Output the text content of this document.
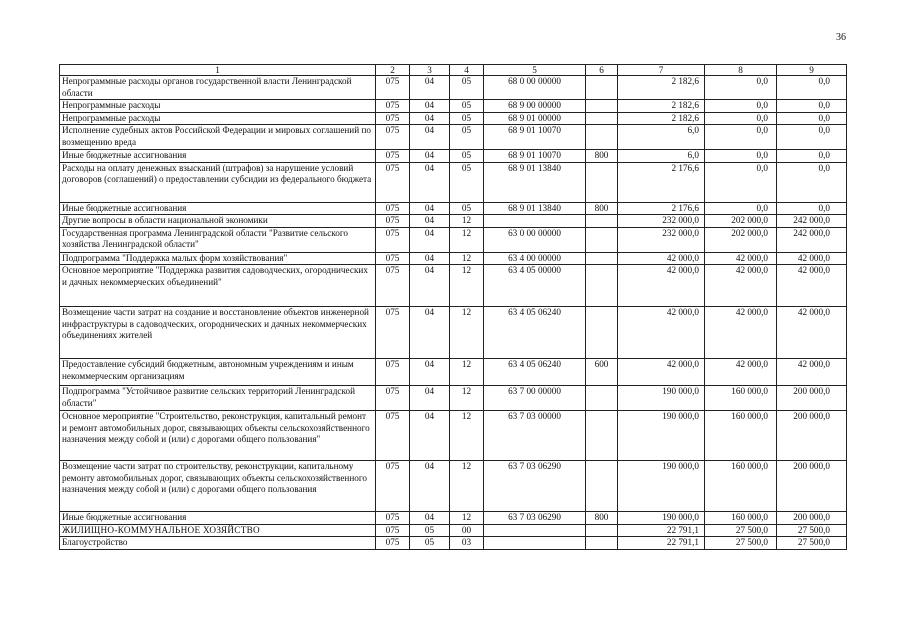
36
1	2	3	4	5	6	7	8	9
Непрограммные расходы органов государственной власти Ленинградской области	075	04	05	68 0 00 00000		2 182,6	0,0	0,0
Непрограммные расходы	075	04	05	68 9 00 00000		2 182,6	0,0	0,0
Непрограммные расходы	075	04	05	68 9 01 00000		2 182,6	0,0	0,0
Исполнение судебных актов Российской Федерации и мировых соглашений по возмещению вреда	075	04	05	68 9 01 10070		6,0	0,0	0,0
Иные бюджетные ассигнования	075	04	05	68 9 01 10070	800	6,0	0,0	0,0
Расходы на оплату денежных взысканий (штрафов) за нарушение условий договоров (соглашений) о предоставлении субсидии из федерального бюджета	075	04	05	68 9 01 13840		2 176,6	0,0	0,0
Иные бюджетные ассигнования	075	04	05	68 9 01 13840	800	2 176,6	0,0	0,0
Другие вопросы в области национальной экономики	075	04	12			232 000,0	202 000,0	242 000,0
Государственная программа Ленинградской области "Развитие сельского хозяйства Ленинградской области"	075	04	12	63 0 00 00000		232 000,0	202 000,0	242 000,0
Подпрограмма "Поддержка малых форм хозяйствования"	075	04	12	63 4 00 00000		42 000,0	42 000,0	42 000,0
Основное мероприятие "Поддержка развития садоводческих, огороднических и дачных некоммерческих объединений"	075	04	12	63 4 05 00000		42 000,0	42 000,0	42 000,0
Возмещение части затрат на создание и восстановление объектов инженерной инфраструктуры в садоводческих, огороднических и дачных некоммерческих объединениях жителей	075	04	12	63 4 05 06240		42 000,0	42 000,0	42 000,0
Предоставление субсидий бюджетным, автономным учреждениям и иным некоммерческим организациям	075	04	12	63 4 05 06240	600	42 000,0	42 000,0	42 000,0
Подпрограмма "Устойчивое развитие сельских территорий Ленинградской области"	075	04	12	63 7 00 00000		190 000,0	160 000,0	200 000,0
Основное мероприятие "Строительство, реконструкция, капитальный ремонт и ремонт автомобильных дорог, связывающих объекты сельскохозяйственного назначения между собой и (или) с дорогами общего пользования"	075	04	12	63 7 03 00000		190 000,0	160 000,0	200 000,0
Возмещение части затрат по строительству, реконструкции, капитальному ремонту автомобильных дорог, связывающих объекты сельскохозяйственного назначения между собой и (или) с дорогами общего пользования	075	04	12	63 7 03 06290		190 000,0	160 000,0	200 000,0
Иные бюджетные ассигнования	075	04	12	63 7 03 06290	800	190 000,0	160 000,0	200 000,0
ЖИЛИЩНО-КОММУНАЛЬНОЕ ХОЗЯЙСТВО	075	05	00			22 791,1	27 500,0	27 500,0
Благоустройство	075	05	03			22 791,1	27 500,0	27 500,0
